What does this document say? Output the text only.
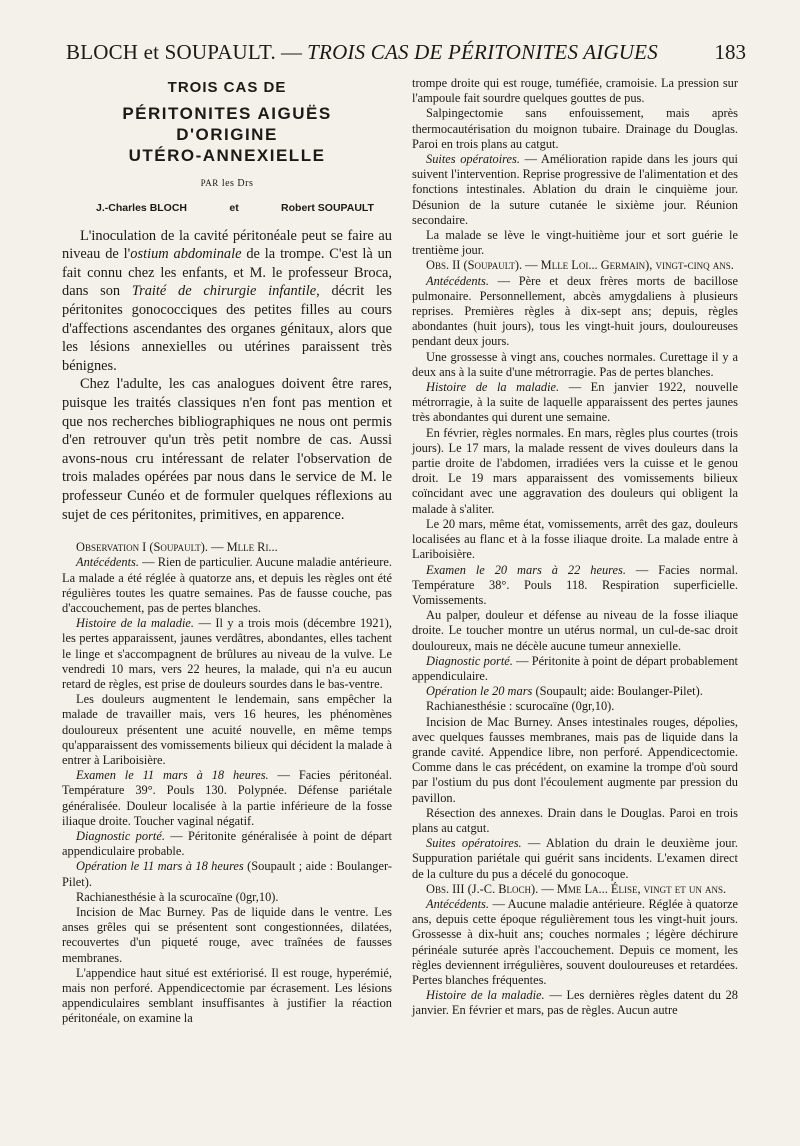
BLOCH et SOUPAULT. — TROIS CAS DE PÉRITONITES AIGUES	183
TROIS CAS DE
PÉRITONITES AIGUËS
D'ORIGINE
UTÉRO-ANNEXIELLE
PAR les Drs
J.-Charles BLOCH	et	Robert SOUPAULT

L'inoculation de la cavité péritonéale peut se faire au niveau de l'ostium abdominale de la trompe. C'est là un fait connu chez les enfants, et M. le professeur Broca, dans son Traité de chirurgie infantile, décrit les péritonites gonococciques des petites filles au cours d'affections ascendantes des organes génitaux, alors que les lésions annexielles ou utérines paraissent très bénignes.

Chez l'adulte, les cas analogues doivent être rares, puisque les traités classiques n'en font pas mention et que nos recherches bibliographiques ne nous ont permis d'en retrouver qu'un très petit nombre de cas. Aussi avons-nous cru intéressant de relater l'observation de trois malades opérées par nous dans le service de M. le professeur Cunéo et de formuler quelques réflexions au sujet de ces péritonites, primitives, en apparence.

Observation I (Soupault). — Mlle Ri...

Antécédents. — Rien de particulier. Aucune maladie antérieure. La malade a été réglée à quatorze ans, et depuis les règles ont été régulières toutes les quatre semaines. Pas de fausse couche, pas d'accouchement, pas de pertes blanches.

Histoire de la maladie. — Il y a trois mois (décembre 1921), les pertes apparaissent, jaunes verdâtres, abondantes, elles tachent le linge et s'accompagnent de brûlures au niveau de la vulve. Le vendredi 10 mars, vers 22 heures, la malade, qui n'a eu aucun retard de règles, est prise de douleurs sourdes dans le bas-ventre.

Les douleurs augmentent le lendemain, sans empêcher la malade de travailler mais, vers 16 heures, les phénomènes douloureux présentent une acuité nouvelle, en même temps qu'apparaissent des vomissements bilieux qui décident la malade à entrer à Lariboisière.

Examen le 11 mars à 18 heures. — Facies péritonéal. Température 39°. Pouls 130. Polypnée. Défense pariétale généralisée. Douleur localisée à la partie inférieure de la fosse iliaque droite. Toucher vaginal négatif.

Diagnostic porté. — Péritonite généralisée à point de départ appendiculaire probable.

Opération le 11 mars à 18 heures (Soupault ; aide : Boulanger-Pilet).

Rachianesthésie à la scurocaïne (0gr,10).

Incision de Mac Burney. Pas de liquide dans le ventre. Les anses grêles qui se présentent sont congestionnées, dilatées, recouvertes d'un piqueté rouge, avec traînées de fausses membranes.

L'appendice haut situé est extériorisé. Il est rouge, hyperémié, mais non perforé. Appendicectomie par écrasement. Les lésions appendiculaires semblant insuffisantes à justifier la réaction péritonéale, on examine la

trompe droite qui est rouge, tuméfiée, cramoisie. La pression sur l'ampoule fait sourdre quelques gouttes de pus.

Salpingectomie sans enfouissement, mais après thermocautérisation du moignon tubaire. Drainage du Douglas. Paroi en trois plans au catgut.

Suites opératoires. — Amélioration rapide dans les jours qui suivent l'intervention. Reprise progressive de l'alimentation et des fonctions intestinales. Ablation du drain le cinquième jour. Désunion de la suture cutanée le sixième jour. Réunion secondaire.

La malade se lève le vingt-huitième jour et sort guérie le trentième jour.

Obs. II (Soupault). — Mlle Loi... Germain), vingt-cinq ans.

Antécédents. — Père et deux frères morts de bacillose pulmonaire. Personnellement, abcès amygdaliens à plusieurs reprises. Premières règles à dix-sept ans; depuis, règles abondantes (huit jours), tous les vingt-huit jours, douloureuses pendant deux jours.

Une grossesse à vingt ans, couches normales. Curettage il y a deux ans à la suite d'une métrorragie. Pas de pertes blanches.

Histoire de la maladie. — En janvier 1922, nouvelle métrorragie, à la suite de laquelle apparaissent des pertes jaunes très abondantes qui durent une semaine.

En février, règles normales. En mars, règles plus courtes (trois jours). Le 17 mars, la malade ressent de vives douleurs dans la partie droite de l'abdomen, irradiées vers la cuisse et le genou droit. Le 19 mars apparaissent des vomissements bilieux coïncidant avec une aggravation des douleurs qui obligent la malade à s'aliter.

Le 20 mars, même état, vomissements, arrêt des gaz, douleurs localisées au flanc et à la fosse iliaque droite. La malade entre à Lariboisière.

Examen le 20 mars à 22 heures. — Facies normal. Température 38°. Pouls 118. Respiration superficielle. Vomissements.

Au palper, douleur et défense au niveau de la fosse iliaque droite. Le toucher montre un utérus normal, un cul-de-sac droit douloureux, mais ne décèle aucune tumeur annexielle.

Diagnostic porté. — Péritonite à point de départ probablement appendiculaire.

Opération le 20 mars (Soupault; aide: Boulanger-Pilet).

Rachianesthésie : scurocaïne (0gr,10).

Incision de Mac Burney. Anses intestinales rouges, dépolies, avec quelques fausses membranes, mais pas de liquide dans la grande cavité. Appendice libre, non perforé. Appendicectomie. Comme dans le cas précédent, on examine la trompe d'où sourd par l'ostium du pus dont l'écoulement augmente par pression du pavillon.

Résection des annexes. Drain dans le Douglas. Paroi en trois plans au catgut.

Suites opératoires. — Ablation du drain le deuxième jour. Suppuration pariétale qui guérit sans incidents. L'examen direct de la culture du pus a décelé du gonocoque.

Obs. III (J.-C. Bloch). — Mme La... Élise, vingt et un ans.

Antécédents. — Aucune maladie antérieure. Réglée à quatorze ans, depuis cette époque régulièrement tous les vingt-huit jours. Grossesse à dix-huit ans; couches normales ; légère déchirure périnéale suturée après l'accouchement. Depuis ce moment, les règles deviennent irrégulières, souvent douloureuses et retardées. Pertes blanches fréquentes.

Histoire de la maladie. — Les dernières règles datent du 28 janvier. En février et mars, pas de règles. Aucun autre
